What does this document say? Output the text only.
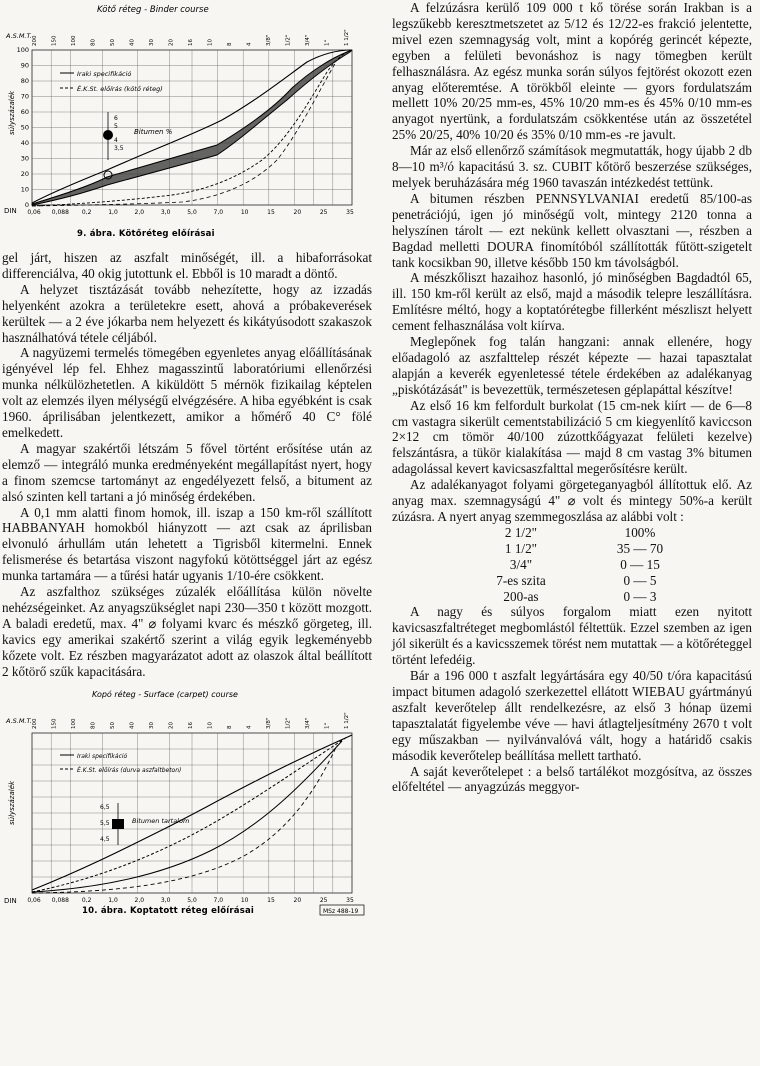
Kötő réteg - Binder course
A.S.M.T. 200 150 100 80 50 40 30 20 16 10 8 4 3/8" 1/2" 3/4" 1" 1 1/2"
súlyszázalék
100
90
80
70
60
50
40
30
20
10
0
Iraki specifikáció
É.K.St. előírás (kötő réteg)
6
5
4
3,5
Bitumen %
DIN 0,06 0,088 0,2	1,0	2,0	3,0	5,0	7,0	10	15	20	25	35
9. ábra. Kötőréteg előírásai

gel járt, hiszen az aszfalt minőségét, ill. a hibaforrásokat differenciálva, 40 okig jutottunk el. Ebből is 10 maradt a döntő.

A helyzet tisztázását tovább nehezítette, hogy az izzadás helyenként azokra a területekre esett, ahová a próbakeverések kerültek — a 2 éve jókarba nem helyezett és kikátyúsodott szakaszok használhatóvá tétele céljából.

A nagyüzemi termelés tömegében egyenletes anyag előállításának igényével lép fel. Ehhez magasszintű laboratóriumi ellenőrzési munka nélkülözhetetlen. A kiküldött 5 mérnök fizikailag képtelen volt az elemzés ilyen mélységű elvégzésére. A hiba egyébként is csak 1960. áprilisában jelentkezett, amikor a hőmérő 40 C° fölé emelkedett.

A magyar szakértői létszám 5 fővel történt erősítése után az elemző — integráló munka eredményeként megállapítást nyert, hogy a finom szemcse tartományt az engedélyezett felső, a bitument az alsó szinten kell tartani a jó minőség érdekében.

A 0,1 mm alatti finom homok, ill. iszap a 150 km-ről szállított HABBANYAH homokból hiányzott — azt csak az áprilisban elvonuló árhullám után lehetett a Tigrisből kitermelni. Ennek felismerése és betartása viszont nagyfokú kötöttséggel járt az egész munka tartamára — a tűrési határ ugyanis 1/10-ére csökkent.

Az aszfalthoz szükséges zúzalék előállítása külön növelte nehézségeinket. Az anyagszükséglet napi 230—350 t között mozgott. A baladi eredetű, max. 4" ⌀ folyami kvarc és mészkő görgeteg, ill. kavics egy amerikai szakértő szerint a világ egyik legkeményebb kőzete volt. Ez részben magyarázatot adott az olaszok által beállított 2 kőtörő szűk kapacitására.

Kopó réteg - Surface (carpet) course
A.S.M.T. 200 150 100 80 50 40 30 20 16 10 8 4 3/8" 1/2" 3/4" 1" 1 1/2"
súlyszázalék
Iraki specifikáció
É.K.St. előírás (durva aszfaltbeton)
6,5
5,5
4,5
Bitumen tartalom
DIN 0,06 0,088 0,2	1,0	2,0	3,0	5,0	7,0	10	15	20	25	35
10. ábra. Koptatott réteg előírásai	MSz 488-19

A felzúzásra kerülő 109 000 t kő törése során Irakban is a legszűkebb keresztmetszetet az 5/12 és 12/22-es frakció jelentette, mivel ezen szemnagyság volt, mint a kopórég gerincét képezte, egyben a felületi bevonáshoz is nagy tömegben került felhasználásra. Az egész munka során súlyos fejtörést okozott ezen anyag előteremtése. A törökből eleinte — gyors fordulatszám mellett 10% 20/25 mm-es, 45% 10/20 mm-es és 45% 0/10 mm-es anyagot nyertünk, a fordulatszám csökkentése után az összetétel 25% 20/25, 40% 10/20 és 35% 0/10 mm-es -re javult.

Már az első ellenőrző számítások megmutatták, hogy újabb 2 db 8—10 m³/ó kapacitású 3. sz. CUBIT kőtörő beszerzése szükséges, melyek beruházására még 1960 tavaszán intézkedést tettünk.

A bitumen részben PENNSYLVANIAI eredetű 85/100-as penetrációjú, igen jó minőségű volt, mintegy 2120 tonna a helyszínen tárolt — ezt nekünk kellett olvasztani —, részben a Bagdad melletti DOURA finomítóból szállították fűtött-szigetelt tank kocsikban 90, illetve később 150 km távolságból.

A mészkőliszt hazaihoz hasonló, jó minőségben Bagdadtól 65, ill. 150 km-ről került az első, majd a második telepre leszállításra. Említésre méltó, hogy a koptatórétegbe fillerként mészliszt helyett cement felhasználása volt kiírva.

Meglepőnek fog talán hangzani: annak ellenére, hogy előadagoló az aszfalttelep részét képezte — hazai tapasztalat alapján a keverék egyenletessé tétele érdekében az adalékanyag „piskótázását" is bevezettük, természetesen géplapáttal készítve!

Az első 16 km felfordult burkolat (15 cm-nek kiírt — de 6—8 cm vastagra sikerült cementstabilizáció 5 cm kiegyenlítő kaviccson 2×12 cm tömör 40/100 zúzottkőágyazat felületi kezelve) felszántásra, a tükör kialakítása — majd 8 cm vastag 3% bitumen adagolással kevert kavicsaszfalttal megerősítésre került.

Az adalékanyagot folyami görgeteganyagból állítottuk elő. Az anyag max. szemnagyságú 4" ⌀ volt és mintegy 50%-a került zúzásra. A nyert anyag szemmegoszlása az alábbi volt :

2 1/2"	100%
1 1/2"	35 — 70
3/4"	0 — 15
7-es szita	0 — 5
200-as	0 — 3

A nagy és súlyos forgalom miatt ezen nyitott kavicsaszfaltréteget megbomlástól féltettük. Ezzel szemben az igen jól sikerült és a kavicsszemek törést nem mutattak — a kötőréteggel történt lefedéig.

Bár a 196 000 t aszfalt legyártására egy 40/50 t/óra kapacitású impact bitumen adagoló szerkezettel ellátott WIEBAU gyártmányú aszfalt keverőtelep állt rendelkezésre, az első 3 hónap üzemi tapasztalatát figyelembe véve — havi átlagteljesítmény 2670 t volt egy műszakban — nyilvánvalóvá vált, hogy a határidő csakis második keverőtelep beállítása mellett tartható.

A saját keverőtelepet : a belső tartálékot mozgósítva, az összes előfeltétel — anyagzúzás meggyor-
